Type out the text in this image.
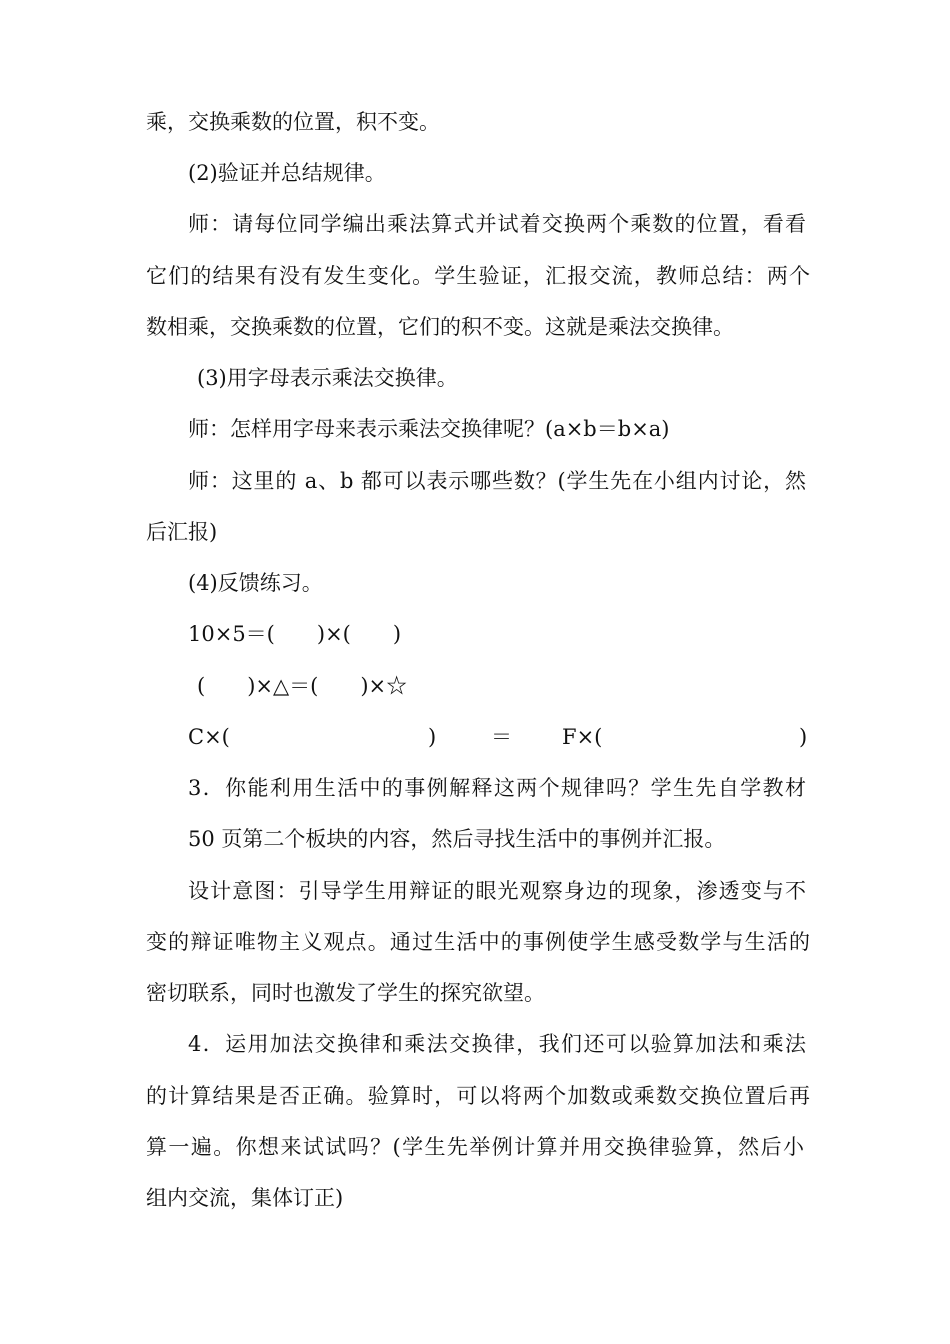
乘，交换乘数的位置，积不变。
(2)验证并总结规律。
师：请每位同学编出乘法算式并试着交换两个乘数的位置，看看
它们的结果有没有发生变化。学生验证，汇报交流，教师总结：两个
数相乘，交换乘数的位置，它们的积不变。这就是乘法交换律。
(3)用字母表示乘法交换律。
师：怎样用字母来表示乘法交换律呢？(a×b＝b×a)
师：这里的 a、b 都可以表示哪些数？(学生先在小组内讨论，然
后汇报)
(4)反馈练习。
10×5＝(　　)×(　　)
(　　)×△＝(　　)×☆
C×(	)	＝ F×(	)
3．你能利用生活中的事例解释这两个规律吗？学生先自学教材
50 页第二个板块的内容，然后寻找生活中的事例并汇报。
设计意图：引导学生用辩证的眼光观察身边的现象，渗透变与不
变的辩证唯物主义观点。通过生活中的事例使学生感受数学与生活的
密切联系，同时也激发了学生的探究欲望。
4．运用加法交换律和乘法交换律，我们还可以验算加法和乘法
的计算结果是否正确。验算时，可以将两个加数或乘数交换位置后再
算一遍。你想来试试吗？(学生先举例计算并用交换律验算，然后小
组内交流，集体订正)
